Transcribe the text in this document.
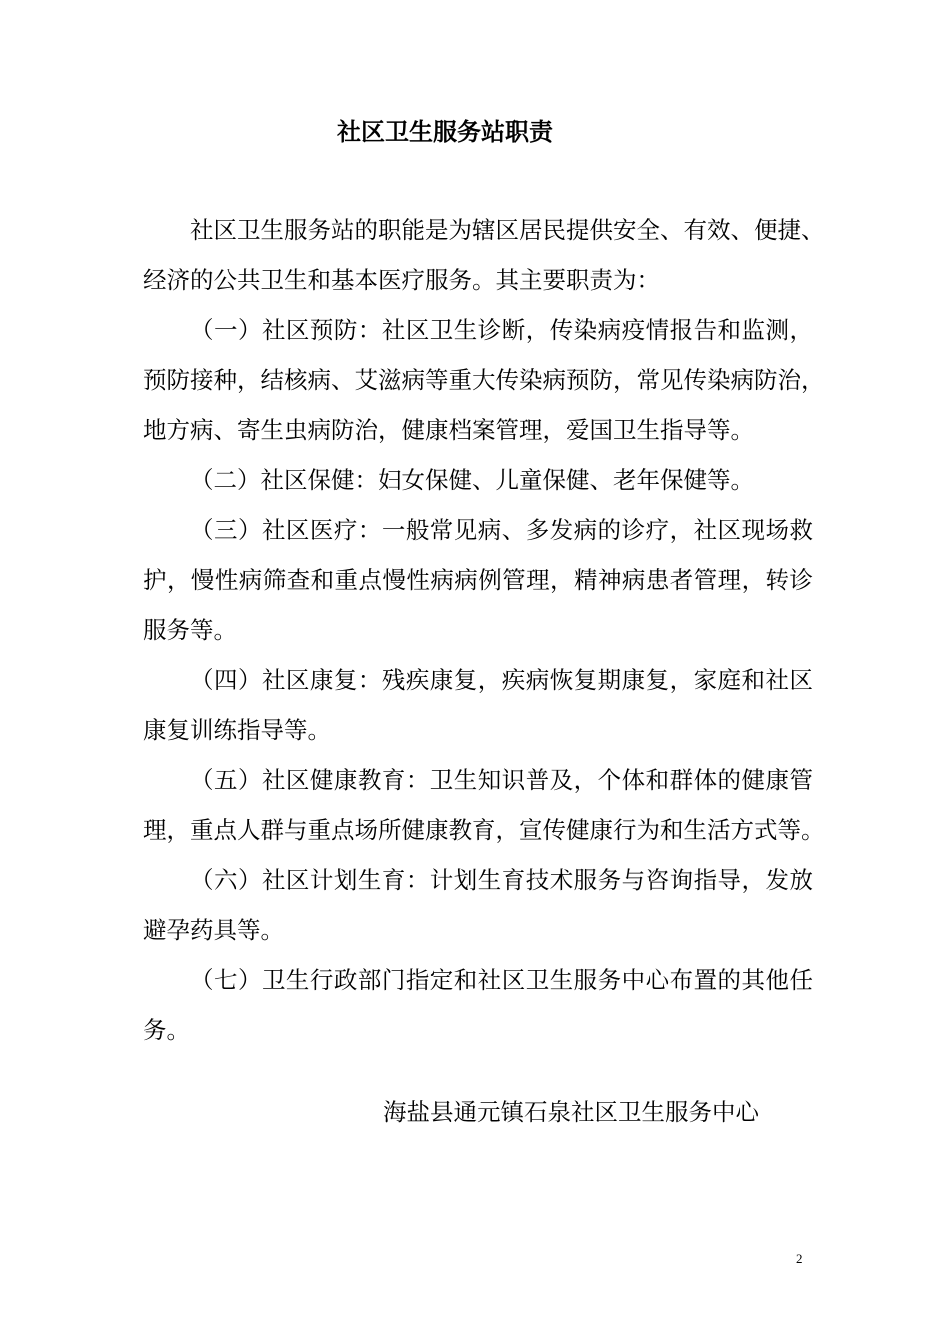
社区卫生服务站职责
社区卫生服务站的职能是为辖区居民提供安全、有效、便捷、
经济的公共卫生和基本医疗服务。其主要职责为：
（一）社区预防：社区卫生诊断，传染病疫情报告和监测，
预防接种，结核病、艾滋病等重大传染病预防，常见传染病防治，
地方病、寄生虫病防治，健康档案管理，爱国卫生指导等。
（二）社区保健：妇女保健、儿童保健、老年保健等。
（三）社区医疗：一般常见病、多发病的诊疗，社区现场救
护，慢性病筛查和重点慢性病病例管理，精神病患者管理，转诊
服务等。
（四）社区康复：残疾康复，疾病恢复期康复，家庭和社区
康复训练指导等。
（五）社区健康教育：卫生知识普及，个体和群体的健康管
理，重点人群与重点场所健康教育，宣传健康行为和生活方式等。
（六）社区计划生育：计划生育技术服务与咨询指导，发放
避孕药具等。
（七）卫生行政部门指定和社区卫生服务中心布置的其他任
务。
海盐县通元镇石泉社区卫生服务中心
2
